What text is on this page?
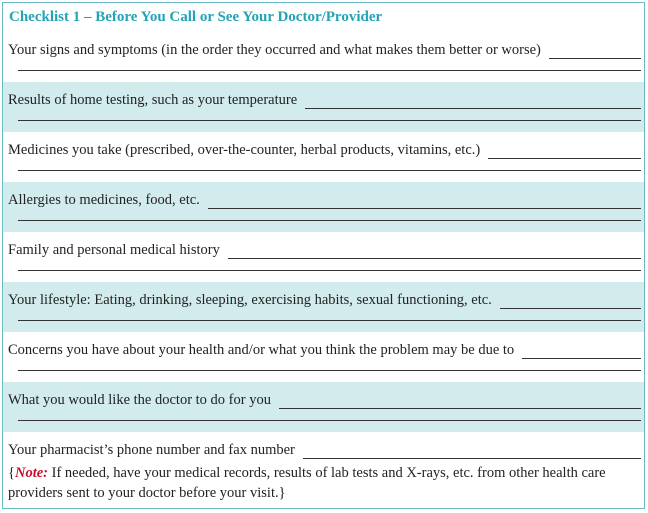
Checklist 1 – Before You Call or See Your Doctor/Provider
Your signs and symptoms (in the order they occurred and what makes them better or worse)
Results of home testing, such as your temperature
Medicines you take (prescribed, over-the-counter, herbal products, vitamins, etc.)
Allergies to medicines, food, etc.
Family and personal medical history
Your lifestyle: Eating, drinking, sleeping, exercising habits, sexual functioning, etc.
Concerns you have about your health and/or what you think the problem may be due to
What you would like the doctor to do for you
Your pharmacist’s phone number and fax number
{Note: If needed, have your medical records, results of lab tests and X-rays, etc. from other health care providers sent to your doctor before your visit.}
